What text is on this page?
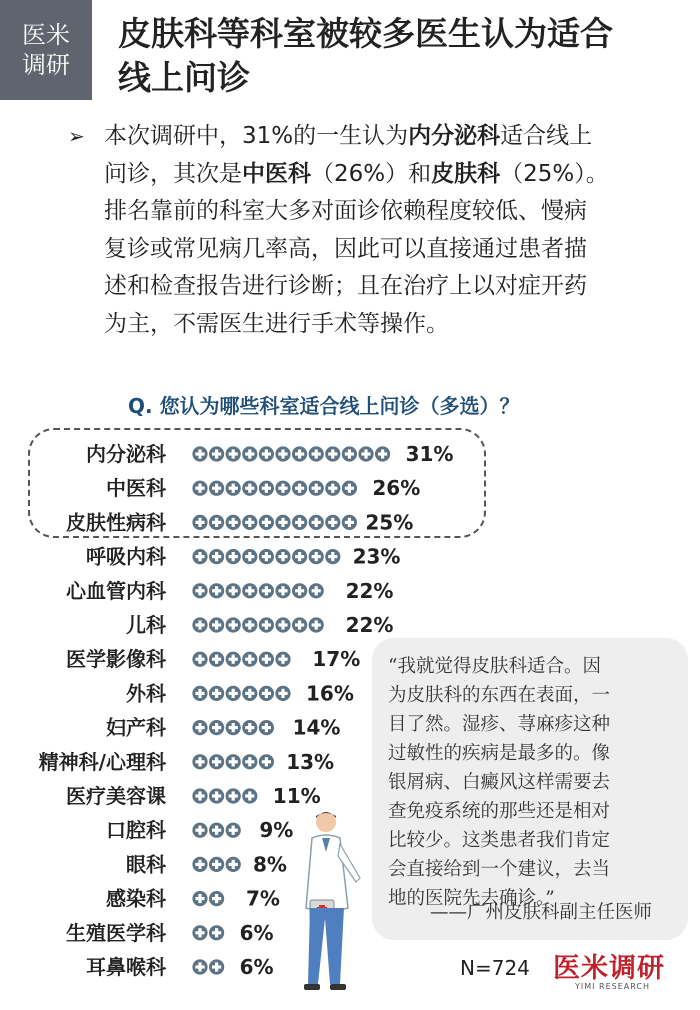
医米
调研
皮肤科等科室被较多医生认为适合
线上问诊
➢ 本次调研中，31%的一生认为内分泌科适合线上
问诊，其次是中医科（26%）和皮肤科（25%）。
排名靠前的科室大多对面诊依赖程度较低、慢病
复诊或常见病几率高，因此可以直接通过患者描
述和检查报告进行诊断；且在治疗上以对症开药
为主，不需医生进行手术等操作。
Q. 您认为哪些科室适合线上问诊（多选）？
内分泌科	31%
中医科	26%
皮肤性病科	25%
呼吸内科	23%
心血管内科	22%
儿科	22%
医学影像科	17%
外科	16%
妇产科	14%
精神科/心理科	13%
医疗美容课	11%
口腔科	9%
眼科	8%
感染科	7%
生殖医学科	6%
耳鼻喉科	6%
“我就觉得皮肤科适合。因
为皮肤科的东西在表面，一
目了然。湿疹、荨麻疹这种
过敏性的疾病是最多的。像
银屑病、白癜风这样需要去
查免疫系统的那些还是相对
比较少。这类患者我们肯定
会直接给到一个建议，去当
地的医院先去确诊。”
——广州皮肤科副主任医师
N=724 医米调研
YIMI RESEARCH
